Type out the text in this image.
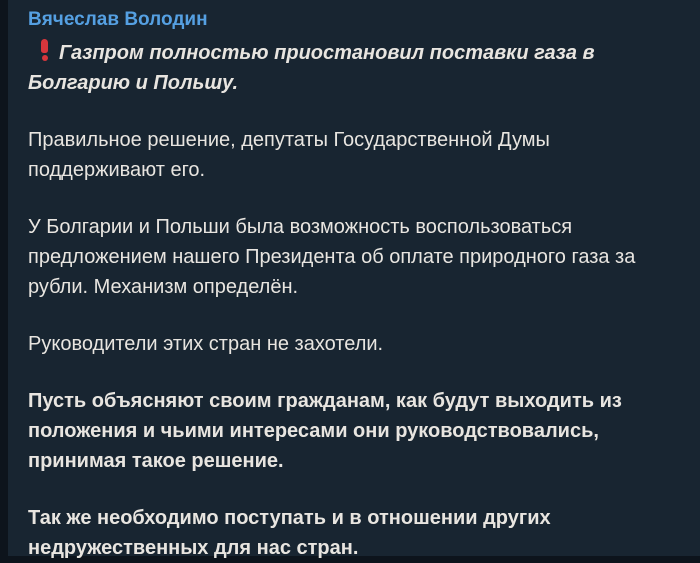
Вячеслав Володин

Газпром полностью приостановил поставки газа в Болгарию и Польшу.

Правильное решение, депутаты Государственной Думы поддерживают его.

У Болгарии и Польши была возможность воспользоваться предложением нашего Президента об оплате природного газа за рубли. Механизм определён.

Руководители этих стран не захотели.

Пусть объясняют своим гражданам, как будут выходить из положения и чьими интересами они руководствовались, принимая такое решение.

Так же необходимо поступать и в отношении других недружественных для нас стран.
